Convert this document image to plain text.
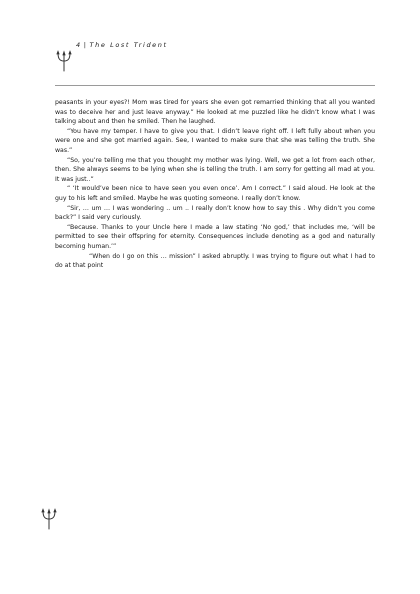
4 | The Lost Trident

peasants in your eyes?! Mom was tired for years she even got remarried thinking that all you wanted was to deceive her and just leave anyway.” He looked at me puzzled like he didn’t know what I was talking about and then he smiled. Then he laughed.

“You have my temper. I have to give you that. I didn’t leave right off. I left fully about when you were one and she got married again. See, I wanted to make sure that she was telling the truth. She was.”

“So, you’re telling me that you thought my mother was lying. Well, we get a lot from each other, then. She always seems to be lying when she is telling the truth. I am sorry for getting all mad at you. It was just..”

“ ‘It would’ve been nice to have seen you even once’. Am I correct.” I said aloud. He look at the guy to his left and smiled. Maybe he was quoting someone. I really don’t know.

“Sir, … um … I was wondering .. um .. I really don’t know how to say this . Why didn’t you come back?” I said very curiously.

“Because. Thanks to your Uncle here I made a law stating ‘No god,’ that includes me, ‘will be permitted to see their offspring for eternity. Consequences include denoting as a god and naturally becoming human.’”

“When do I go on this … mission” I asked abruptly. I was trying to figure out what I had to do at that point
